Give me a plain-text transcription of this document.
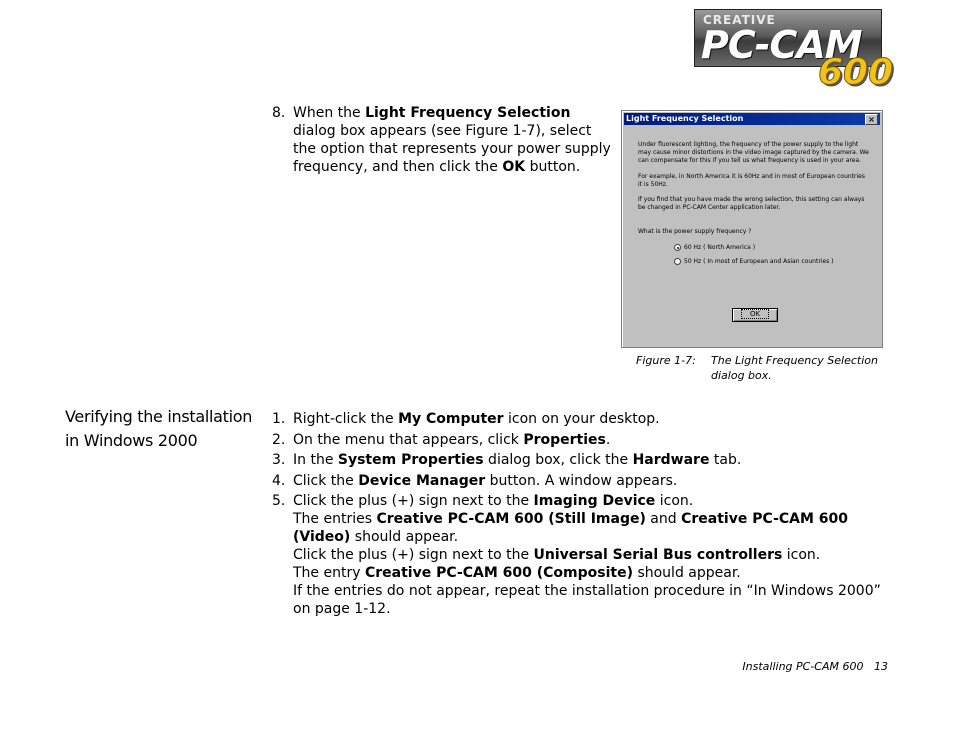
CREATIVE
PC-CAM
600
8. When the Light Frequency Selection dialog box appears (see Figure 1-7), select the option that represents your power supply frequency, and then click the OK button.
Light Frequency Selection	×
Under fluorescent lighting, the frequency of the power supply to the light may cause minor distortions in the video image captured by the camera. We can compensate for this if you tell us what frequency is used in your area.
For example, in North America it is 60Hz and in most of European countries it is 50Hz.
If you find that you have made the wrong selection, this setting can always be changed in PC-CAM Center application later.
What is the power supply frequency ?
60 Hz ( North America )
50 Hz ( In most of European and Asian countries )
OK
Figure 1-7: The Light Frequency Selection
dialog box.
Verifying the installation
in Windows 2000
1. Right-click the My Computer icon on your desktop.
2. On the menu that appears, click Properties.
3. In the System Properties dialog box, click the Hardware tab.
4. Click the Device Manager button. A window appears.
5. Click the plus (+) sign next to the Imaging Device icon.
The entries Creative PC-CAM 600 (Still Image) and Creative PC-CAM 600 (Video) should appear.
Click the plus (+) sign next to the Universal Serial Bus controllers icon.
The entry Creative PC-CAM 600 (Composite) should appear.
If the entries do not appear, repeat the installation procedure in “In Windows 2000” on page 1-12.
Installing PC-CAM 600 13
